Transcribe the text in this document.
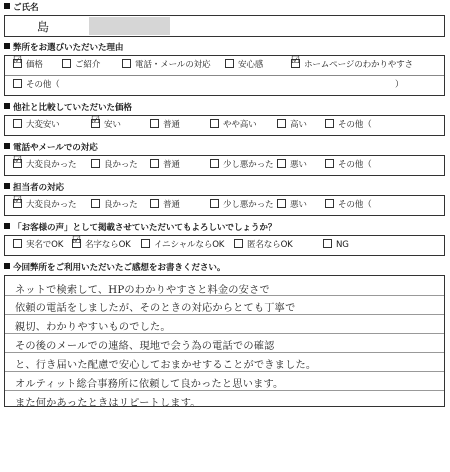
ご氏名
島
弊所をお選びいただいた理由
☑ 価格	ご紹介	電話・メールの対応	安心感	☑ ホームページのわかりやすさ
その他（	）
他社と比較していただいた価格
大変安い	☑ 安い	普通	やや高い	高い	その他（
電話やメールでの対応
☑ 大変良かった	良かった	普通	少し悪かった	悪い	その他（
担当者の対応
☑ 大変良かった	良かった	普通	少し悪かった	悪い	その他（
「お客様の声」として掲載させていただいてもよろしいでしょうか？
実名でOK ☑ 名字ならOK	イニシャルならOK	匿名ならOK	NG
今回弊所をご利用いただいたご感想をお書きください。
ネットで検索して、HPのわかりやすさと料金の安さで
依頼の電話をしましたが、そのときの対応からとても丁寧で
親切、わかりやすいものでした。
その後のメールでの連絡、現地で会う為の電話での確認
と、行き届いた配慮で安心しておまかせすることができました。
オルティット総合事務所に依頼して良かったと思います。
また何かあったときはリピートします。
